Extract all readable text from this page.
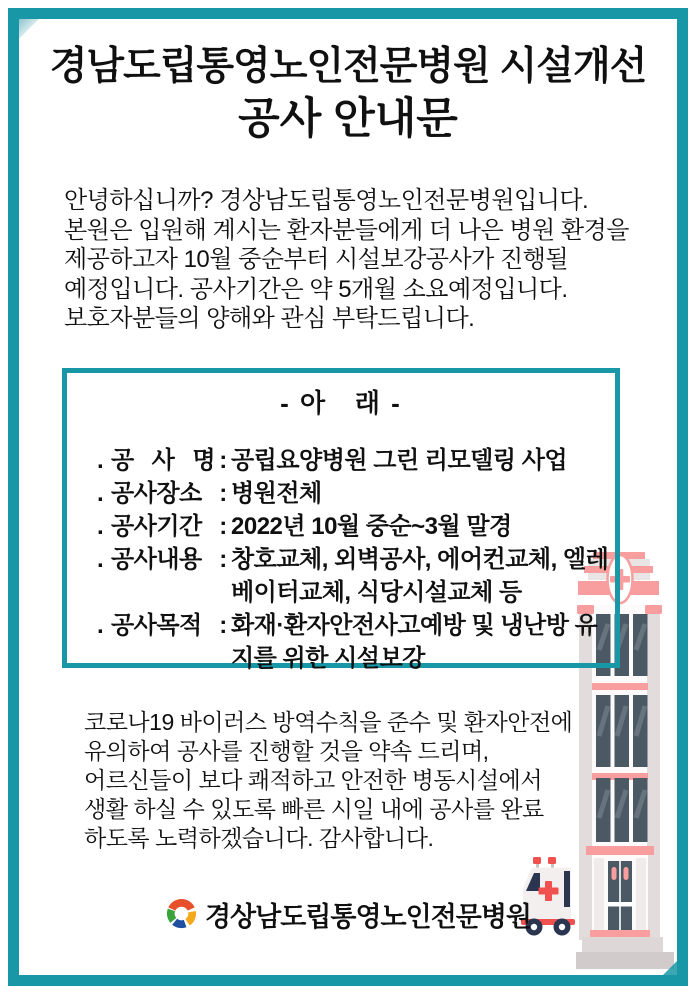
경남도립통영노인전문병원 시설개선
공사 안내문
안녕하십니까? 경상남도립통영노인전문병원입니다.
본원은 입원해 계시는 환자분들에게 더 나은 병원 환경을
제공하고자 10월 중순부터 시설보강공사가 진행될
예정입니다. 공사기간은 약 5개월 소요예정입니다.
보호자분들의 양해와 관심 부탁드립니다.
- 아   래 -
. 공 사 명 : 공립요양병원 그린 리모델링 사업
. 공사장소 : 병원전체
. 공사기간 : 2022년 10월 중순~3월 말경
. 공사내용 : 창호교체, 외벽공사, 에어컨교체, 엘레베이터교체, 식당시설교체 등
. 공사목적 : 화재·환자안전사고예방 및 냉난방 유지를 위한 시설보강
코로나19 바이러스 방역수칙을 준수 및 환자안전에
유의하여 공사를 진행할 것을 약속 드리며,
어르신들이 보다 쾌적하고 안전한 병동시설에서
생활 하실 수 있도록 빠른 시일 내에 공사를 완료
하도록 노력하겠습니다. 감사합니다.
경상남도립통영노인전문병원
